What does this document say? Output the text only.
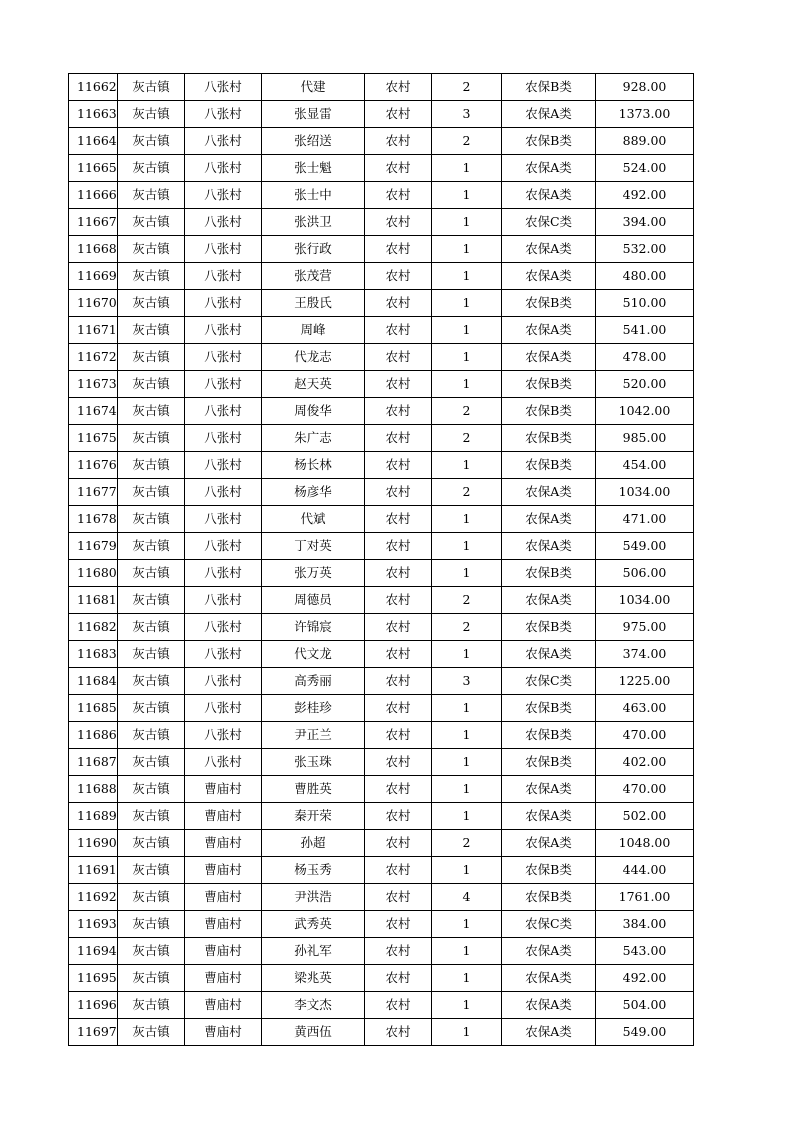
11662	灰古镇	八张村	代建	农村	2	农保B类	928.00
11663	灰古镇	八张村	张显雷	农村	3	农保A类	1373.00
11664	灰古镇	八张村	张绍送	农村	2	农保B类	889.00
11665	灰古镇	八张村	张士魁	农村	1	农保A类	524.00
11666	灰古镇	八张村	张士中	农村	1	农保A类	492.00
11667	灰古镇	八张村	张洪卫	农村	1	农保C类	394.00
11668	灰古镇	八张村	张行政	农村	1	农保A类	532.00
11669	灰古镇	八张村	张茂营	农村	1	农保A类	480.00
11670	灰古镇	八张村	王殷氏	农村	1	农保B类	510.00
11671	灰古镇	八张村	周峰	农村	1	农保A类	541.00
11672	灰古镇	八张村	代龙志	农村	1	农保A类	478.00
11673	灰古镇	八张村	赵天英	农村	1	农保B类	520.00
11674	灰古镇	八张村	周俊华	农村	2	农保B类	1042.00
11675	灰古镇	八张村	朱广志	农村	2	农保B类	985.00
11676	灰古镇	八张村	杨长林	农村	1	农保B类	454.00
11677	灰古镇	八张村	杨彦华	农村	2	农保A类	1034.00
11678	灰古镇	八张村	代斌	农村	1	农保A类	471.00
11679	灰古镇	八张村	丁对英	农村	1	农保A类	549.00
11680	灰古镇	八张村	张万英	农村	1	农保B类	506.00
11681	灰古镇	八张村	周德员	农村	2	农保A类	1034.00
11682	灰古镇	八张村	许锦宸	农村	2	农保B类	975.00
11683	灰古镇	八张村	代文龙	农村	1	农保A类	374.00
11684	灰古镇	八张村	高秀丽	农村	3	农保C类	1225.00
11685	灰古镇	八张村	彭桂珍	农村	1	农保B类	463.00
11686	灰古镇	八张村	尹正兰	农村	1	农保B类	470.00
11687	灰古镇	八张村	张玉珠	农村	1	农保B类	402.00
11688	灰古镇	曹庙村	曹胜英	农村	1	农保A类	470.00
11689	灰古镇	曹庙村	秦开荣	农村	1	农保A类	502.00
11690	灰古镇	曹庙村	孙超	农村	2	农保A类	1048.00
11691	灰古镇	曹庙村	杨玉秀	农村	1	农保B类	444.00
11692	灰古镇	曹庙村	尹洪浩	农村	4	农保B类	1761.00
11693	灰古镇	曹庙村	武秀英	农村	1	农保C类	384.00
11694	灰古镇	曹庙村	孙礼军	农村	1	农保A类	543.00
11695	灰古镇	曹庙村	梁兆英	农村	1	农保A类	492.00
11696	灰古镇	曹庙村	李文杰	农村	1	农保A类	504.00
11697	灰古镇	曹庙村	黄西伍	农村	1	农保A类	549.00
